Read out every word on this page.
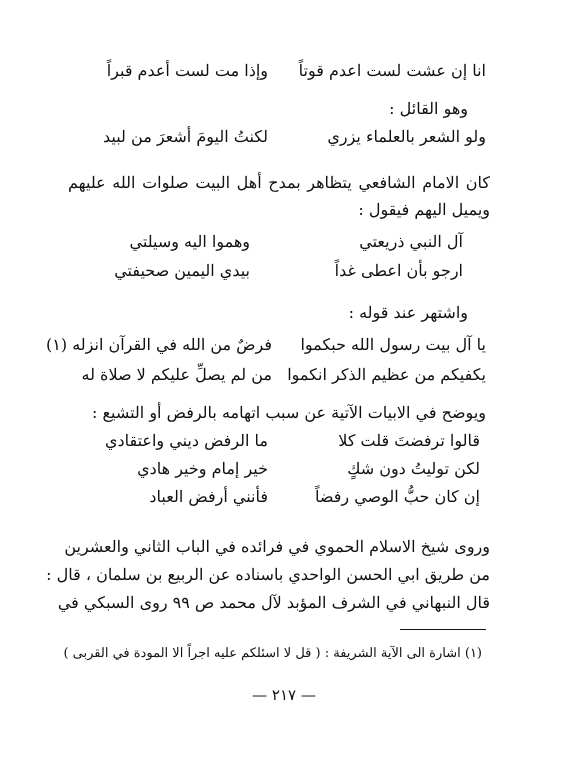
انا إن عشت لست اعدم قوتاً
وإذا مت لست أعدم قبراً
وهو القائل :
ولو الشعر بالعلماء يزري
لكنتُ اليومَ أشعرَ من لبيد
كان الامام الشافعي يتظاهر بمدح أهل البيت صلوات الله عليهم
ويميل اليهم فيقول :
آل النبي ذريعتي
وهموا اليه وسيلتي
ارجو بأن اعطى غداً
بيدي اليمين صحيفتي
واشتهر عند قوله :
يا آل بيت رسول الله حبكموا
فرضٌ من الله في القرآن انزله (١)
يكفيكم من عظيم الذكر انكموا
من لم يصلِّ عليكم لا صلاة له
ويوضح في الابيات الآتية عن سبب اتهامه بالرفض أو التشيع :
قالوا ترفضتَ قلت كلا
ما الرفض ديني واعتقادي
لكن توليتُ دون شكٍ
خير إمام وخير هادي
إن كان حبُّ الوصي رفضاً
فأنني أرفض العباد
وروى شيخ الاسلام الحموي في فرائده في الباب الثاني والعشرين
من طريق ابي الحسن الواحدي باسناده عن الربيع بن سلمان ، قال :
قال النبهاني في الشرف المؤبد لآل محمد ص ٩٩ روى السبكي في
(١) اشارة الى الآية الشريفة : ( قل لا اسئلكم عليه اجراً الا المودة في القربى )
— ٢١٧ —
